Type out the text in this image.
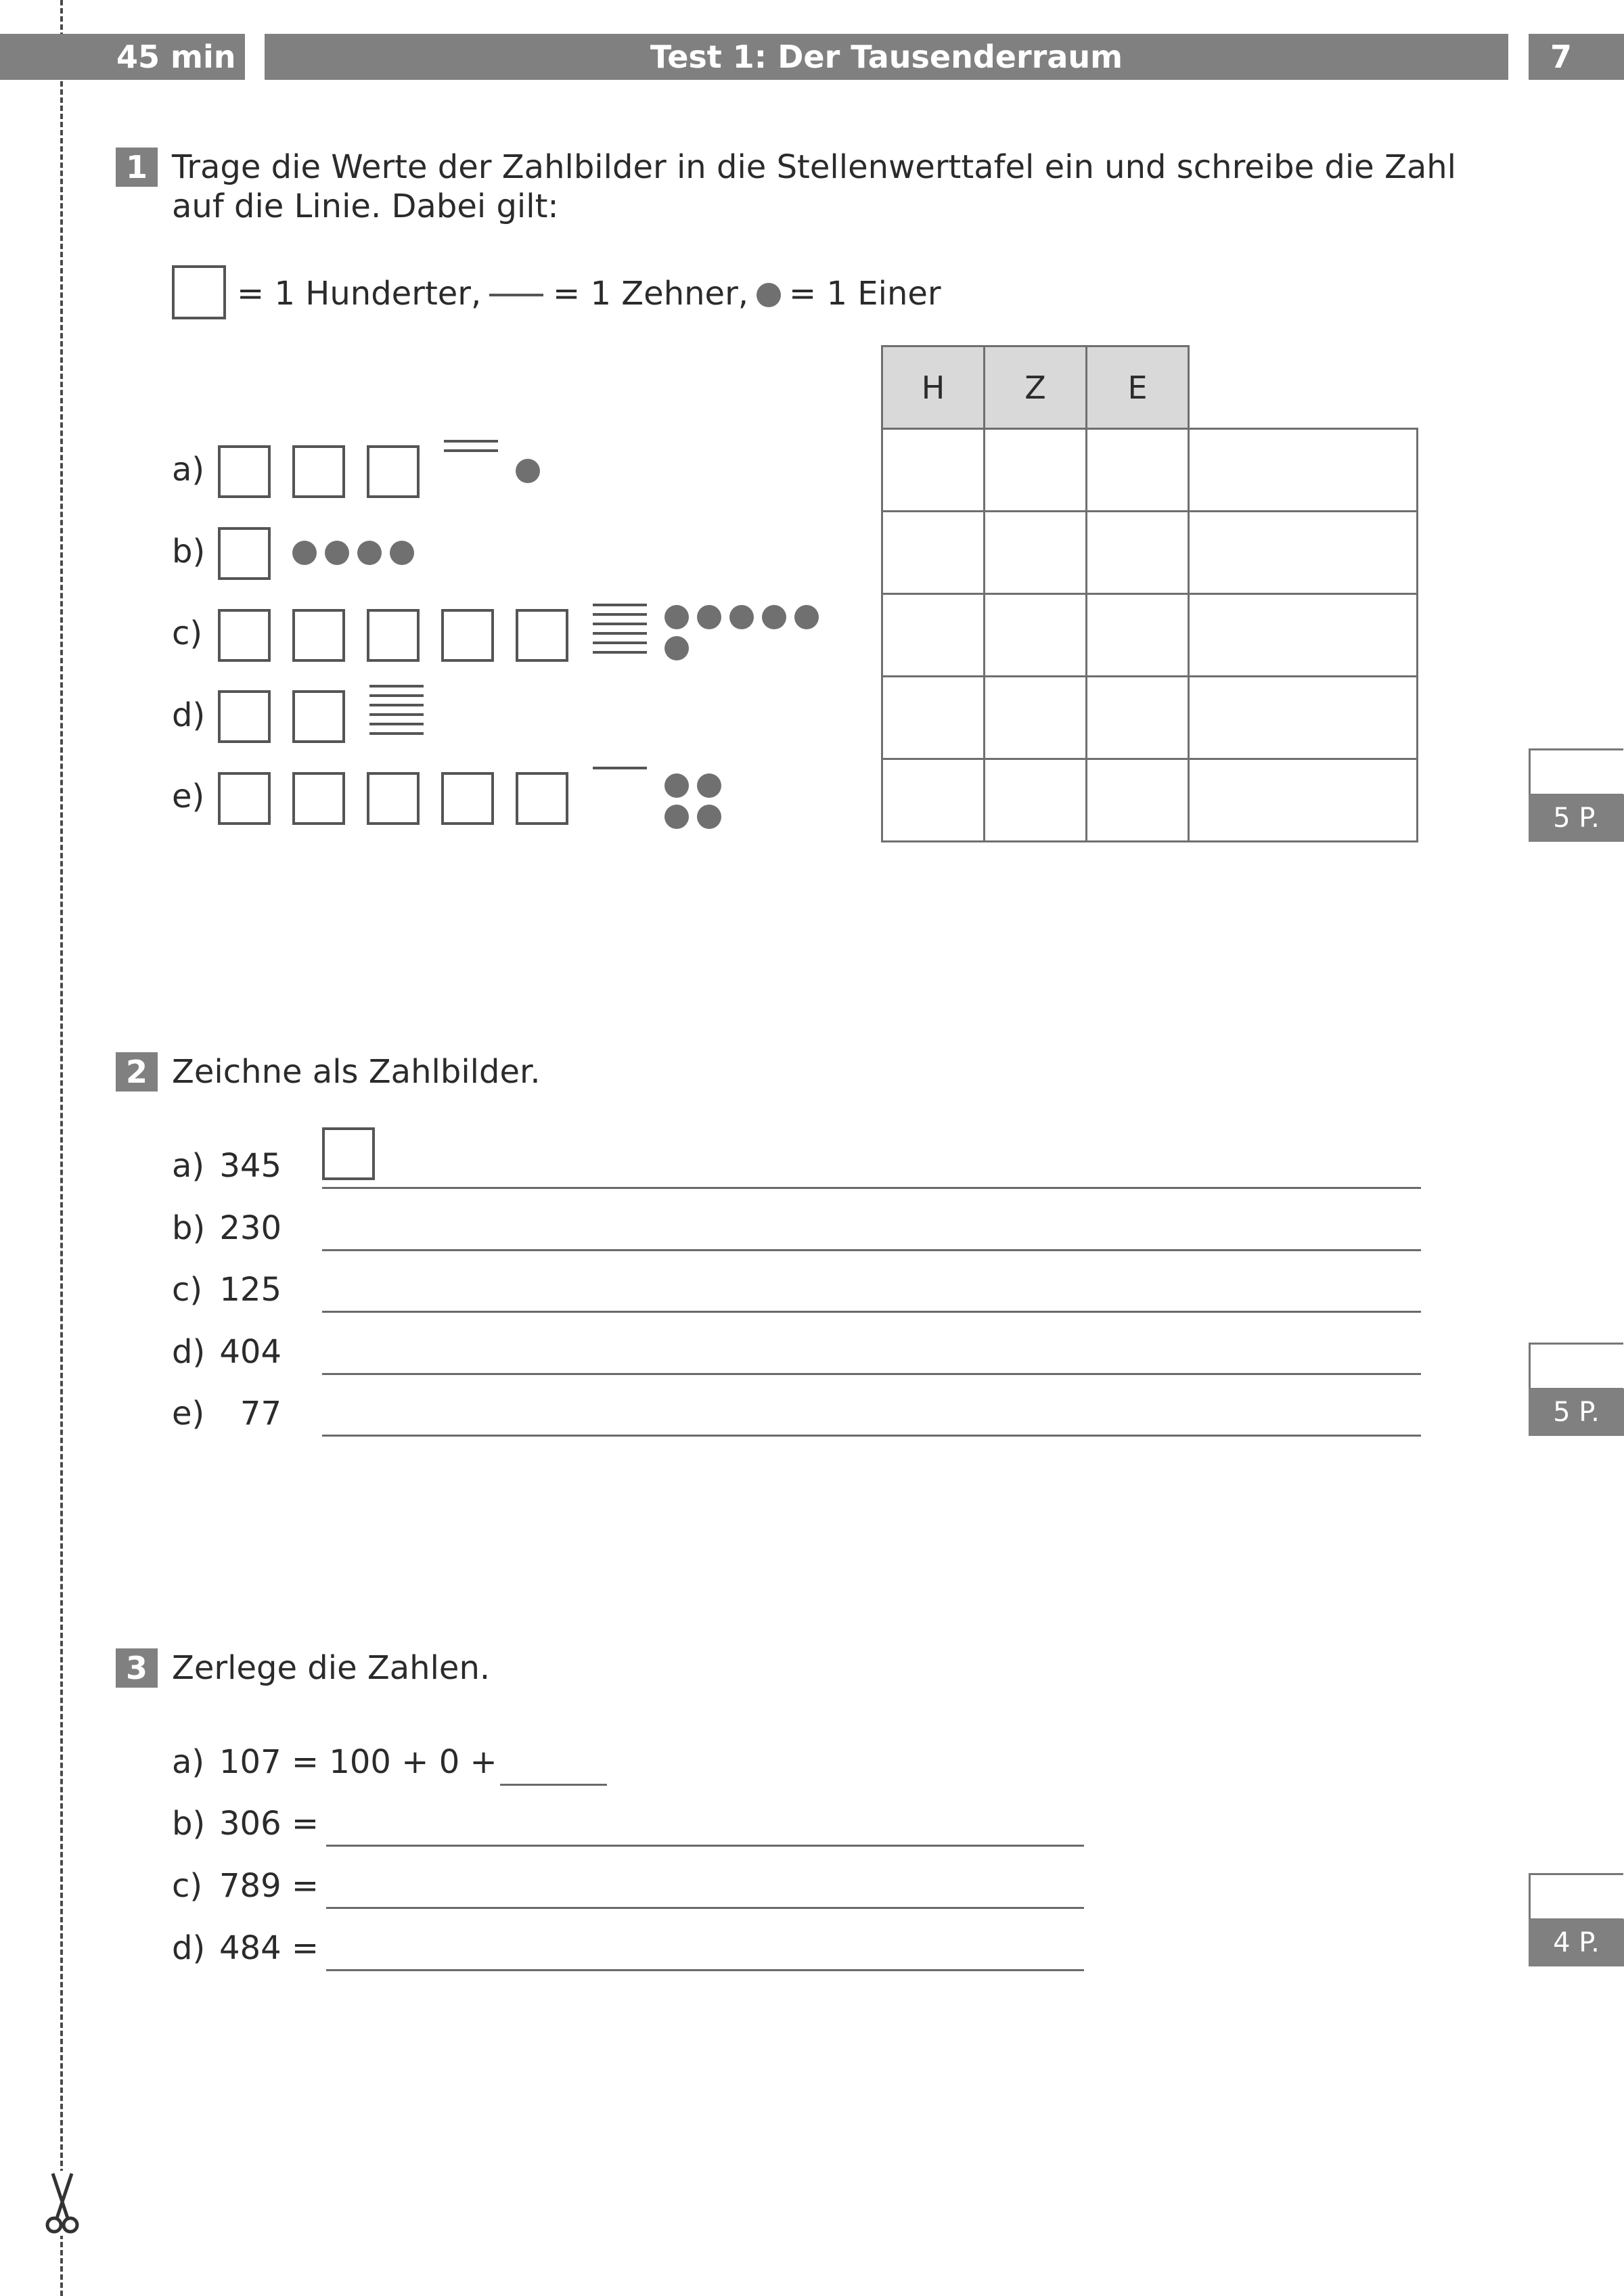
45 min	Test 1: Der Tausenderraum	7
1 Trage die Werte der Zahlbilder in die Stellenwerttafel ein und schreibe die Zahl
auf die Linie. Dabei gilt:
= 1 Hunderter, = 1 Zehner, = 1 Einer
a)
b)
c)
d)
e)
H	Z	E	

5 P.
2 Zeichne als Zahlbilder.
a) 345
b) 230
c) 125
d) 404
e)	77	5 P.
3 Zerlege die Zahlen.
a) 107 = 100 + 0 +
b) 306 =
c) 789 =
d) 484 =	4 P.
